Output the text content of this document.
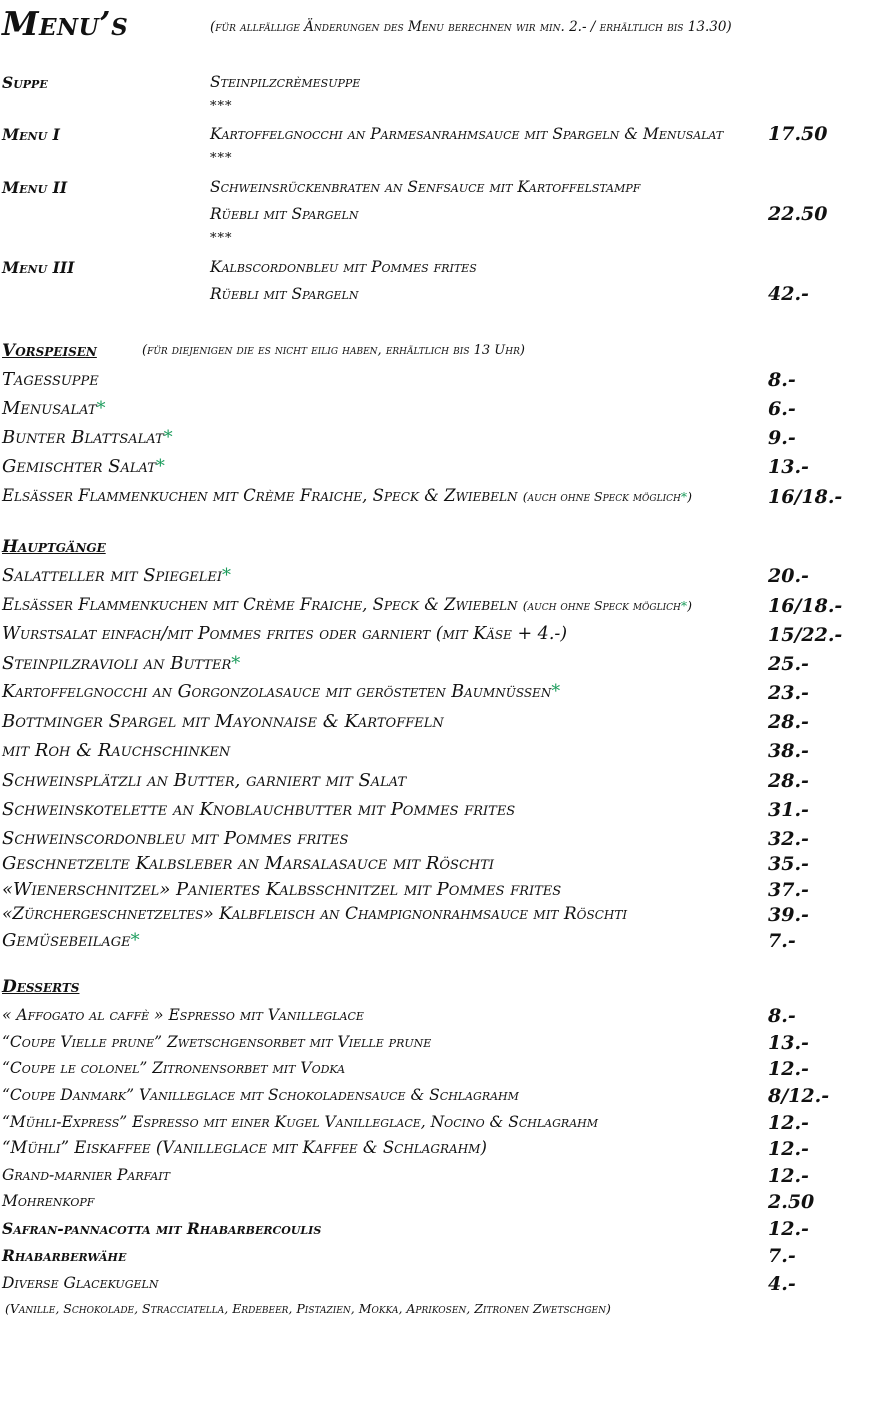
Menu’s	(für allfällige Änderungen des Menu berechnen wir min. 2.- / erhältlich bis 13.30)
Suppe	Steinpilzcrèmesuppe
***
Menu I	Kartoffelgnocchi an Parmesanrahmsauce mit Spargeln & Menusalat 17.50
***
Menu II	Schweinsrückenbraten an Senfsauce mit Kartoffelstampf
Rüebli mit Spargeln	22.50
***
Menu III	Kalbscordonbleu mit Pommes frites
Rüebli mit Spargeln	42.-
Vorspeisen	(für diejenigen die es nicht eilig haben, erhältlich bis 13 Uhr)
Tagessuppe	8.-
Menusalat*	6.-
Bunter Blattsalat*	9.-
Gemischter Salat*	13.-
Elsässer Flammenkuchen mit Crème Fraiche, Speck & Zwiebeln (auch ohne Speck möglich*)	16/18.-
Hauptgänge
Salatteller mit Spiegelei*	20.-
Elsässer Flammenkuchen mit Crème Fraiche, Speck & Zwiebeln (auch ohne Speck möglich*)	16/18.-
Wurstsalat einfach/mit Pommes frites oder garniert (mit Käse + 4.-)	15/22.-
Steinpilzravioli an Butter*	25.-
Kartoffelgnocchi an Gorgonzolasauce mit gerösteten Baumnüssen*	23.-
Bottminger Spargel mit Mayonnaise & Kartoffeln	28.-
mit Roh & Rauchschinken	38.-
Schweinsplätzli an Butter, garniert mit Salat	28.-
Schweinskotelette an Knoblauchbutter mit Pommes frites	31.-
Schweinscordonbleu mit Pommes frites	32.-
Geschnetzelte Kalbsleber an Marsalasauce mit Röschti	35.-
«Wienerschnitzel» Paniertes Kalbsschnitzel mit Pommes frites	37.-
«Zürchergeschnetzeltes» Kalbfleisch an Champignonrahmsauce mit Röschti	39.-
Gemüsebeilage*	7.-
Desserts
« Affogato al caffè » Espresso mit Vanilleglace	8.-
“Coupe Vielle prune” Zwetschgensorbet mit Vielle prune	13.-
“Coupe le colonel” Zitronensorbet mit Vodka	12.-
“Coupe Danmark” Vanilleglace mit Schokoladensauce & Schlagrahm	8/12.-
“Mühli-Express” Espresso mit einer Kugel Vanilleglace, Nocino & Schlagrahm	12.-
“Mühli” Eiskaffee (Vanilleglace mit Kaffee & Schlagrahm)	12.-
Grand-marnier Parfait	12.-
Mohrenkopf	2.50
Safran-pannacotta mit Rhabarbercoulis	12.-
Rhabarberwähe	7.-
Diverse Glacekugeln	4.-
(Vanille, Schokolade, Stracciatella, Erdebeer, Pistazien, Mokka, Aprikosen, Zitronen Zwetschgen)
